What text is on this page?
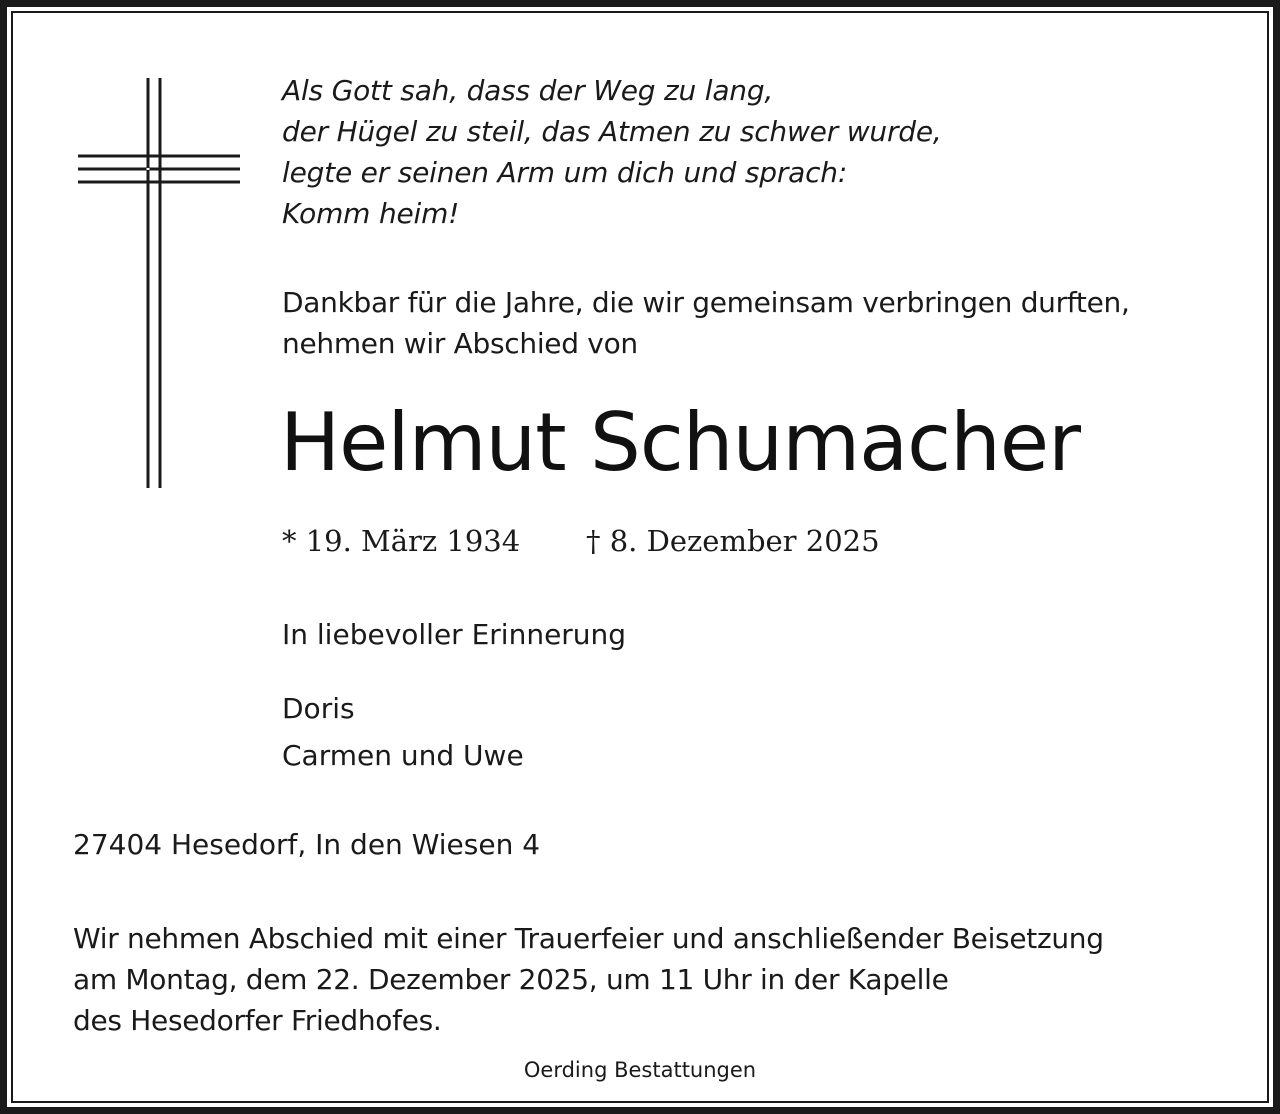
Als Gott sah, dass der Weg zu lang,
der Hügel zu steil, das Atmen zu schwer wurde,
legte er seinen Arm um dich und sprach:
Komm heim!

Dankbar für die Jahre, die wir gemeinsam verbringen durften,
nehmen wir Abschied von

Helmut Schumacher
* 19. März 1934 † 8. Dezember 2025
In liebevoller Erinnerung
Doris
Carmen und Uwe
27404 Hesedorf, In den Wiesen 4

Wir nehmen Abschied mit einer Trauerfeier und anschließender Beisetzung
am Montag, dem 22. Dezember 2025, um 11 Uhr in der Kapelle
des Hesedorfer Friedhofes.

Oerding Bestattungen
